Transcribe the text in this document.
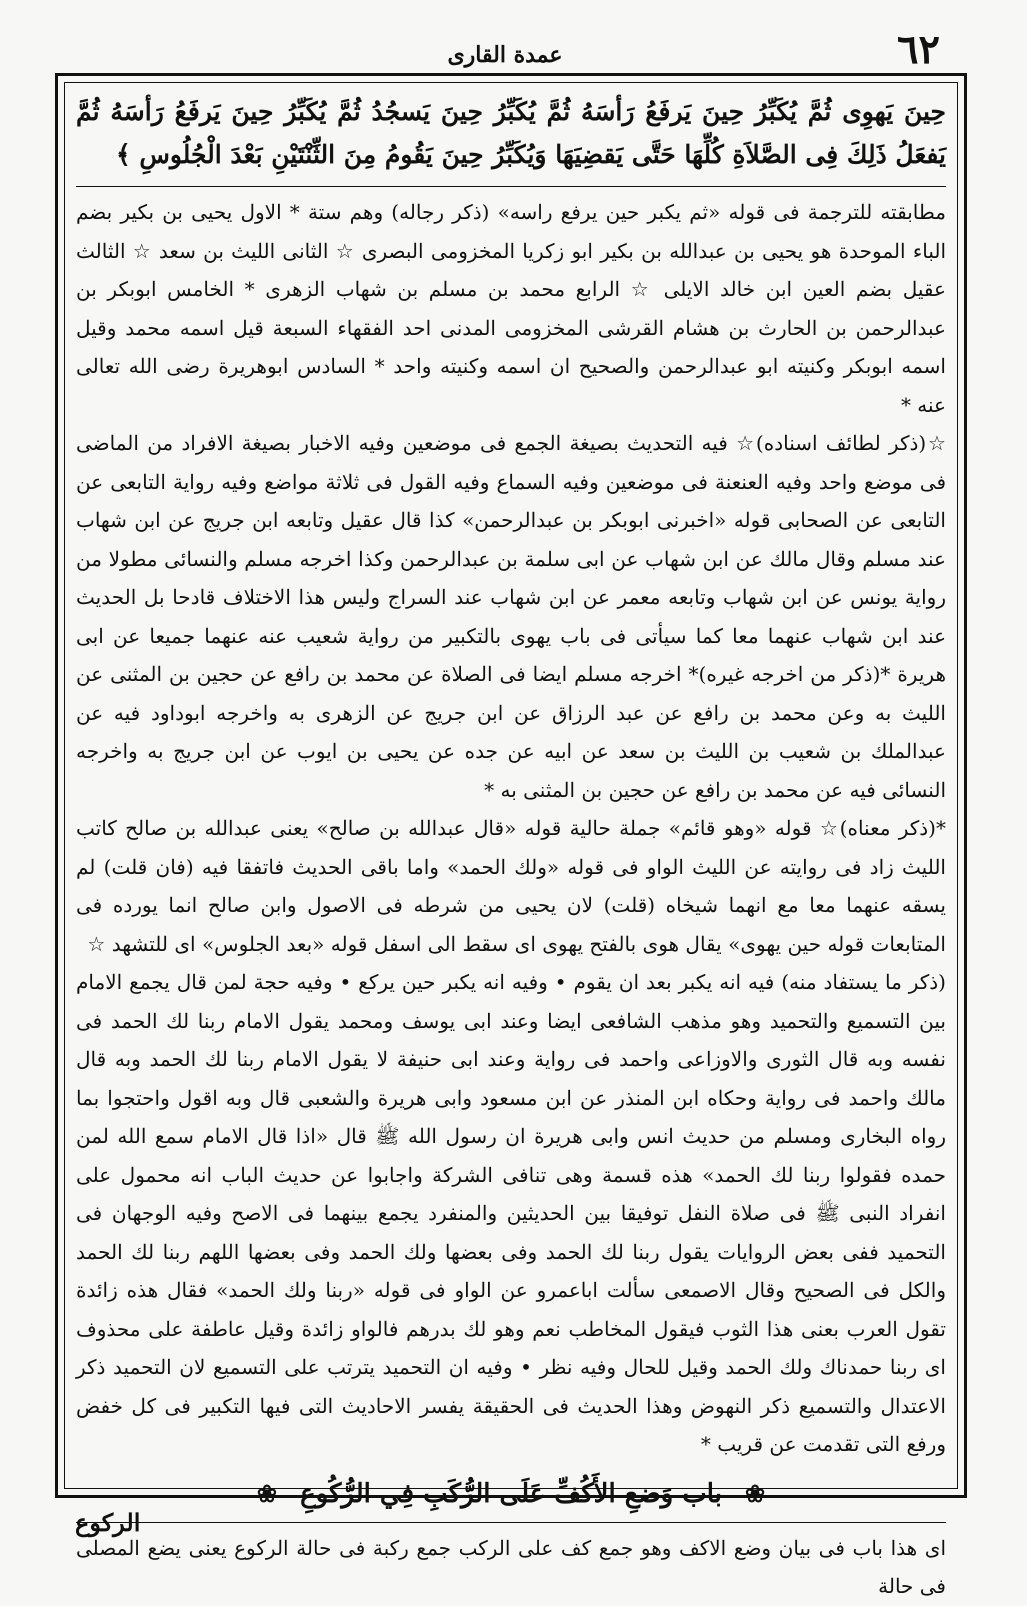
٦٢
عمدة القاری

حِينَ يَهوِی ثُمَّ یُكَبِّرُ حِينَ يَرفَعُ رَأسَهُ ثُمَّ يُكَبِّرُ حِينَ يَسجُدُ ثُمَّ یُکَبِّرُ حِينَ يَرفَعُ رَأسَهُ ثُمَّ يَفعَلُ ذَلِكَ فِی الصَّلاَةِ كُلِّهَا حَتَّى يَقضِيَهَا وَيُكَبِّرُ حِينَ يَقُومُ مِنَ الثِّنْتَيْنِ بَعْدَ الْجُلُوسِ ﴾

مطابقته للترجمة فی قوله «ثم یکبر حین یرفع راسه» (ذکر رجاله) وهم ستة * الاول یحیی بن بکیر بضم الباء الموحدة هو یحیی بن عبدالله بن بکیر ابو زکریا المخزومی البصری ☆ الثانی اللیث بن سعد ☆ الثالث عقیل بضم العین ابن خالد الایلی ☆ الرابع محمد بن مسلم بن شهاب الزهری * الخامس ابوبکر بن عبدالرحمن بن الحارث بن هشام القرشی المخزومی المدنی احد الفقهاء السبعة قیل اسمه محمد وقیل اسمه ابوبکر وکنیته ابو عبدالرحمن والصحیح ان اسمه وکنیته واحد * السادس ابوهریرة رضی الله تعالی عنه *

☆(ذکر لطائف اسناده)☆ فیه التحدیث بصیغة الجمع فی موضعین وفیه الاخبار بصیغة الافراد من الماضی فی موضع واحد وفیه العنعنة فی موضعین وفیه السماع وفیه القول فی ثلاثة مواضع وفیه روایة التابعی عن التابعی عن الصحابی قوله «اخبرنی ابوبکر بن عبدالرحمن» کذا قال عقیل وتابعه ابن جریج عن ابن شهاب عند مسلم وقال مالك عن ابن شهاب عن ابی سلمة بن عبدالرحمن وکذا اخرجه مسلم والنسائی مطولا من روایة یونس عن ابن شهاب وتابعه معمر عن ابن شهاب عند السراج ولیس هذا الاختلاف قادحا بل الحدیث عند ابن شهاب عنهما معا کما سیأتی فی باب یهوی بالتکبیر من روایة شعیب عنه عنهما جمیعا عن ابی هریرة *(ذکر من اخرجه غیره)* اخرجه مسلم ایضا فی الصلاة عن محمد بن رافع عن حجین بن المثنی عن اللیث به وعن محمد بن رافع عن عبد الرزاق عن ابن جریج عن الزهری به واخرجه ابوداود فیه عن عبدالملك بن شعیب بن اللیث بن سعد عن ابیه عن جده عن یحیی بن ایوب عن ابن جریج به واخرجه النسائی فیه عن محمد بن رافع عن حجین بن المثنی به *

*(ذکر معناه)☆ قوله «وهو قائم» جملة حالیة قوله «قال عبدالله بن صالح» یعنی عبدالله بن صالح کاتب اللیث زاد فی روایته عن اللیث الواو فی قوله «ولك الحمد» واما باقی الحدیث فاتفقا فیه (فان قلت) لم یسقه عنهما معا مع انهما شیخاه (قلت) لان یحیی من شرطه فی الاصول وابن صالح انما یورده فی المتابعات قوله حین یهوی» یقال هوی بالفتح یهوی ای سقط الی اسفل قوله «بعد الجلوس» ای للتشهد ☆

(ذکر ما یستفاد منه) فیه انه یکبر بعد ان یقوم • وفیه انه یکبر حین یرکع • وفیه حجة لمن قال یجمع الامام بین التسمیع والتحمید وهو مذهب الشافعی ایضا وعند ابی یوسف ومحمد یقول الامام ربنا لك الحمد فی نفسه وبه قال الثوری والاوزاعی واحمد فی روایة وعند ابی حنیفة لا یقول الامام ربنا لك الحمد وبه قال مالك واحمد فی روایة وحکاه ابن المنذر عن ابن مسعود وابی هریرة والشعبی قال وبه اقول واحتجوا بما رواه البخاری ومسلم من حدیث انس وابی هریرة ان رسول الله ﷺ قال «اذا قال الامام سمع الله لمن حمده فقولوا ربنا لك الحمد» هذه قسمة وهی تنافی الشرکة واجابوا عن حدیث الباب انه محمول علی انفراد النبی ﷺ فی صلاة النفل توفیقا بین الحدیثین والمنفرد یجمع بینهما فی الاصح وفیه الوجهان فی التحمید ففی بعض الروایات یقول ربنا لك الحمد وفی بعضها ولك الحمد وفی بعضها اللهم ربنا لك الحمد والکل فی الصحیح وقال الاصمعی سألت اباعمرو عن الواو فی قوله «ربنا ولك الحمد» فقال هذه زائدة تقول العرب بعنی هذا الثوب فیقول المخاطب نعم وهو لك بدرهم فالواو زائدة وقیل عاطفة علی محذوف ای ربنا حمدناك ولك الحمد وقیل للحال وفیه نظر • وفیه ان التحمید یترتب علی التسمیع لان التحمید ذکر الاعتدال والتسمیع ذکر النهوض وهذا الحدیث فی الحقیقة یفسر الاحادیث التی فیها التکبیر فی کل خفض ورفع التی تقدمت عن قریب *

❀ باب وَضعِ الأَكُفِّ عَلَى الرُّكَبِ فِي الرُّكُوعِ ❀

ای هذا باب فی بیان وضع الاکف وهو جمع کف علی الرکب جمع رکبة فی حالة الرکوع یعنی یضع المصلی فی حالة

الرکوع
